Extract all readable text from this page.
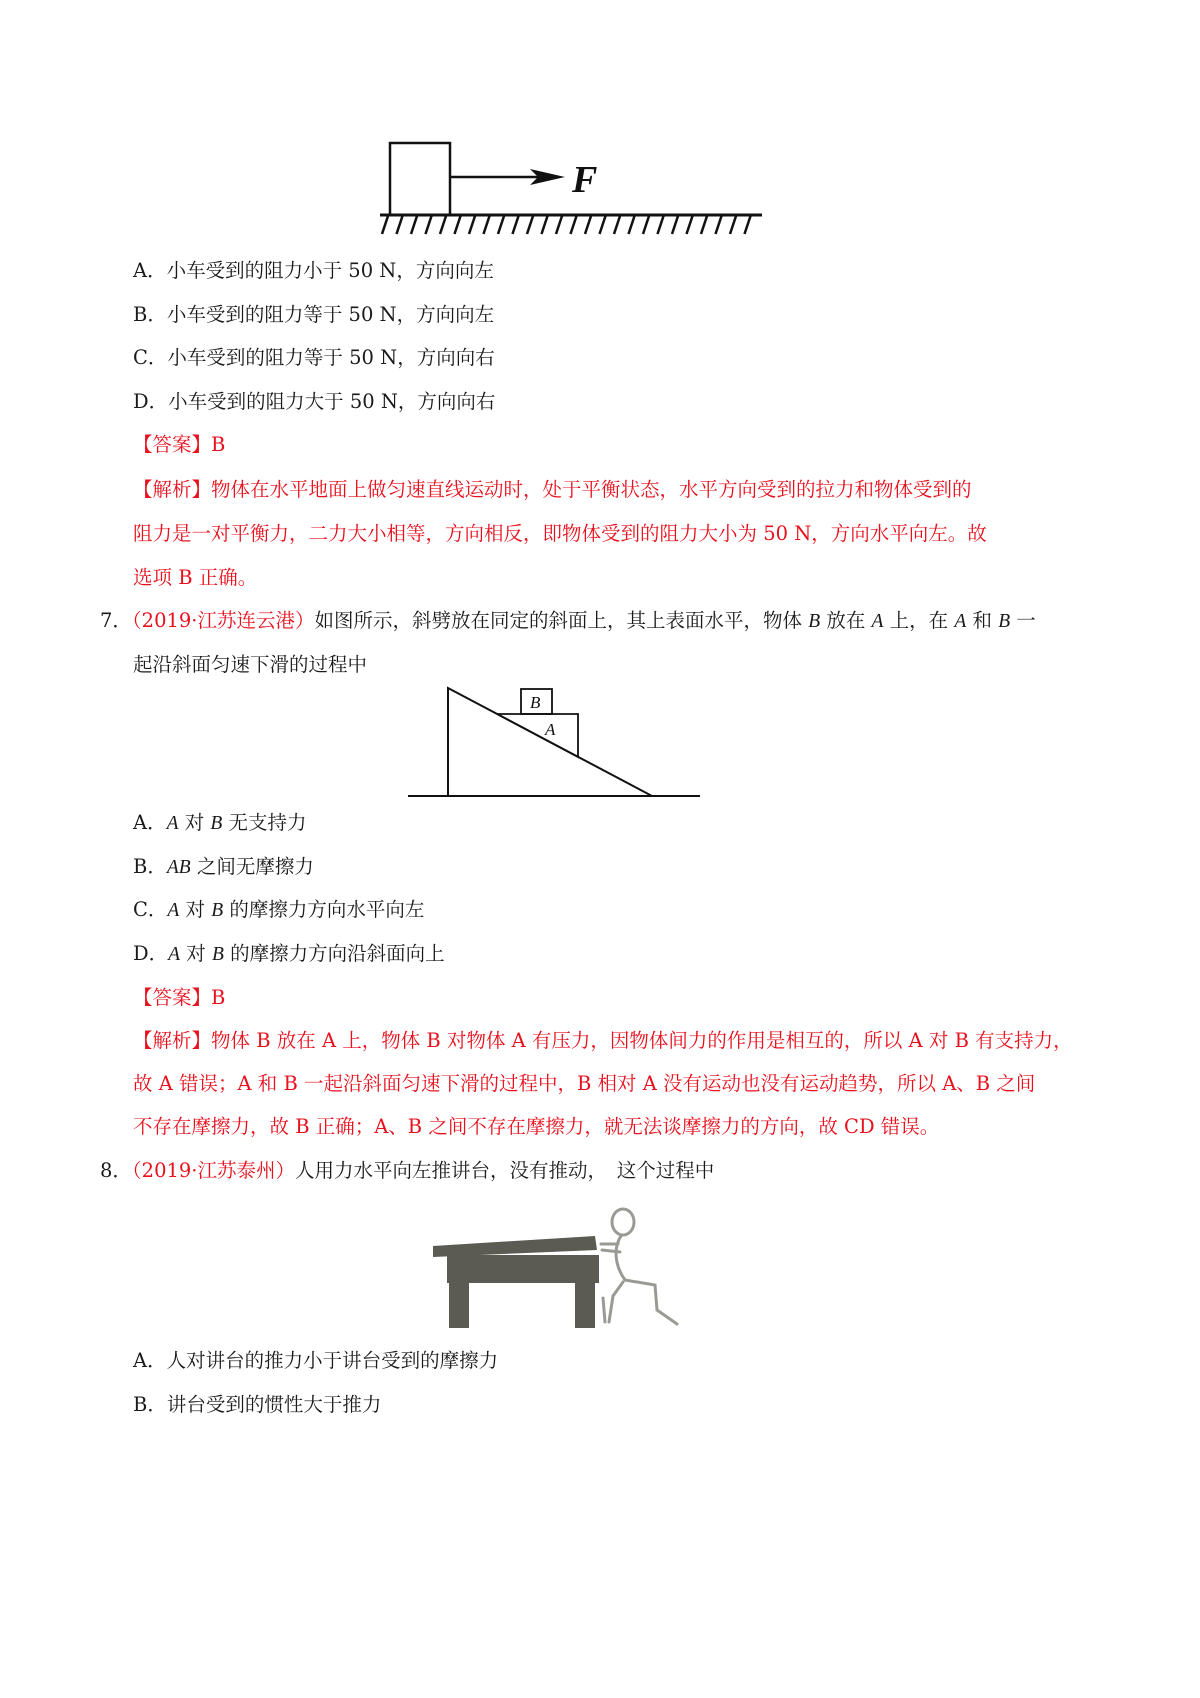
F
A．小车受到的阻力小于 50 N，方向向左
B．小车受到的阻力等于 50 N，方向向左
C．小车受到的阻力等于 50 N，方向向右
D．小车受到的阻力大于 50 N，方向向右
【答案】B
【解析】物体在水平地面上做匀速直线运动时，处于平衡状态，水平方向受到的拉力和物体受到的
阻力是一对平衡力，二力大小相等，方向相反，即物体受到的阻力大小为 50 N，方向水平向左。故
选项 B 正确。
7．（2019·江苏连云港）如图所示，斜劈放在同定的斜面上，其上表面水平，物体 B 放在 A 上，在 A 和 B 一
起沿斜面匀速下滑的过程中
B
A
A．A 对 B 无支持力
B．AB 之间无摩擦力
C．A 对 B 的摩擦力方向水平向左
D．A 对 B 的摩擦力方向沿斜面向上
【答案】B
【解析】物体 B 放在 A 上，物体 B 对物体 A 有压力，因物体间力的作用是相互的，所以 A 对 B 有支持力，
故 A 错误；A 和 B 一起沿斜面匀速下滑的过程中，B 相对 A 没有运动也没有运动趋势，所以 A、B 之间
不存在摩擦力，故 B 正确；A、B 之间不存在摩擦力，就无法谈摩擦力的方向，故 CD 错误。
8．（2019·江苏泰州）人用力水平向左推讲台，没有推动，　这个过程中
A．人对讲台的推力小于讲台受到的摩擦力
B．讲台受到的惯性大于推力
